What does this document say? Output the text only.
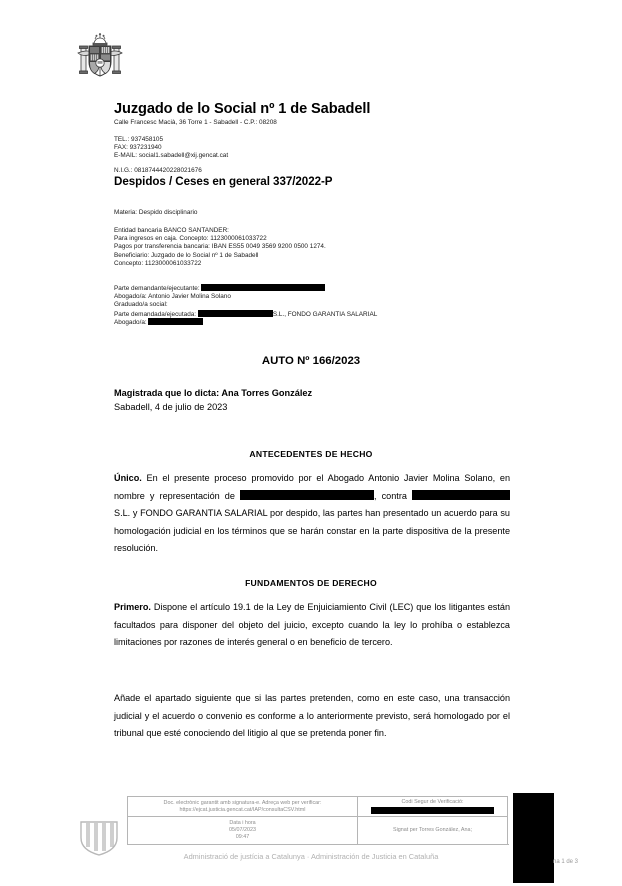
Juzgado de lo Social nº 1 de Sabadell
Calle Francesc Macià, 36 Torre 1 - Sabadell - C.P.: 08208
TEL.: 937458105
FAX: 937231940
E-MAIL: social1.sabadell@xij.gencat.cat
N.I.G.: 0818744420228021676
Despidos / Ceses en general 337/2022-P
Materia: Despido disciplinario
Entidad bancaria BANCO SANTANDER:
Para ingresos en caja. Concepto: 1123000061033722
Pagos por transferencia bancaria: IBAN ES55 0049 3569 9200 0500 1274.
Beneficiario: Juzgado de lo Social nº 1 de Sabadell
Concepto: 1123000061033722
Parte demandante/ejecutante:
Abogado/a: Antonio Javier Molina Solano
Graduado/a social:
Parte demandada/ejecutada:	S.L., FONDO GARANTIA SALARIAL
Abogado/a:
AUTO Nº 166/2023
Magistrada que lo dicta: Ana Torres González
Sabadell, 4 de julio de 2023
ANTECEDENTES DE HECHO
Único. En el presente proceso promovido por el Abogado Antonio Javier Molina Solano, en nombre y representación de	, contra  S.L. y FONDO GARANTIA SALARIAL por despido, las partes han presentado un acuerdo para su homologación judicial en los términos que se harán constar en la parte dispositiva de la presente resolución.
FUNDAMENTOS DE DERECHO
Primero. Dispone el artículo 19.1 de la Ley de Enjuiciamiento Civil (LEC) que los litigantes están facultados para disponer del objeto del juicio, excepto cuando la ley lo prohíba o establezca limitaciones por razones de interés general o en beneficio de tercero.
Añade el apartado siguiente que si las partes pretenden, como en este caso, una transacción judicial y el acuerdo o convenio es conforme a lo anteriormente previsto, será homologado por el tribunal que esté conociendo del litigio al que se pretenda poner fin.
Doc. electrònic garantit amb signatura-e. Adreça web per verificar:
https://ejcat.justicia.gencat.cat/IAP/consultaCSV.html	Codi Segur de Verificació:

Data i hora
05/07/2023
09:47	Signat per Torres González, Ana;
Administració de justícia a Catalunya · Administración de Justicia en Cataluña
na 1 de 3
